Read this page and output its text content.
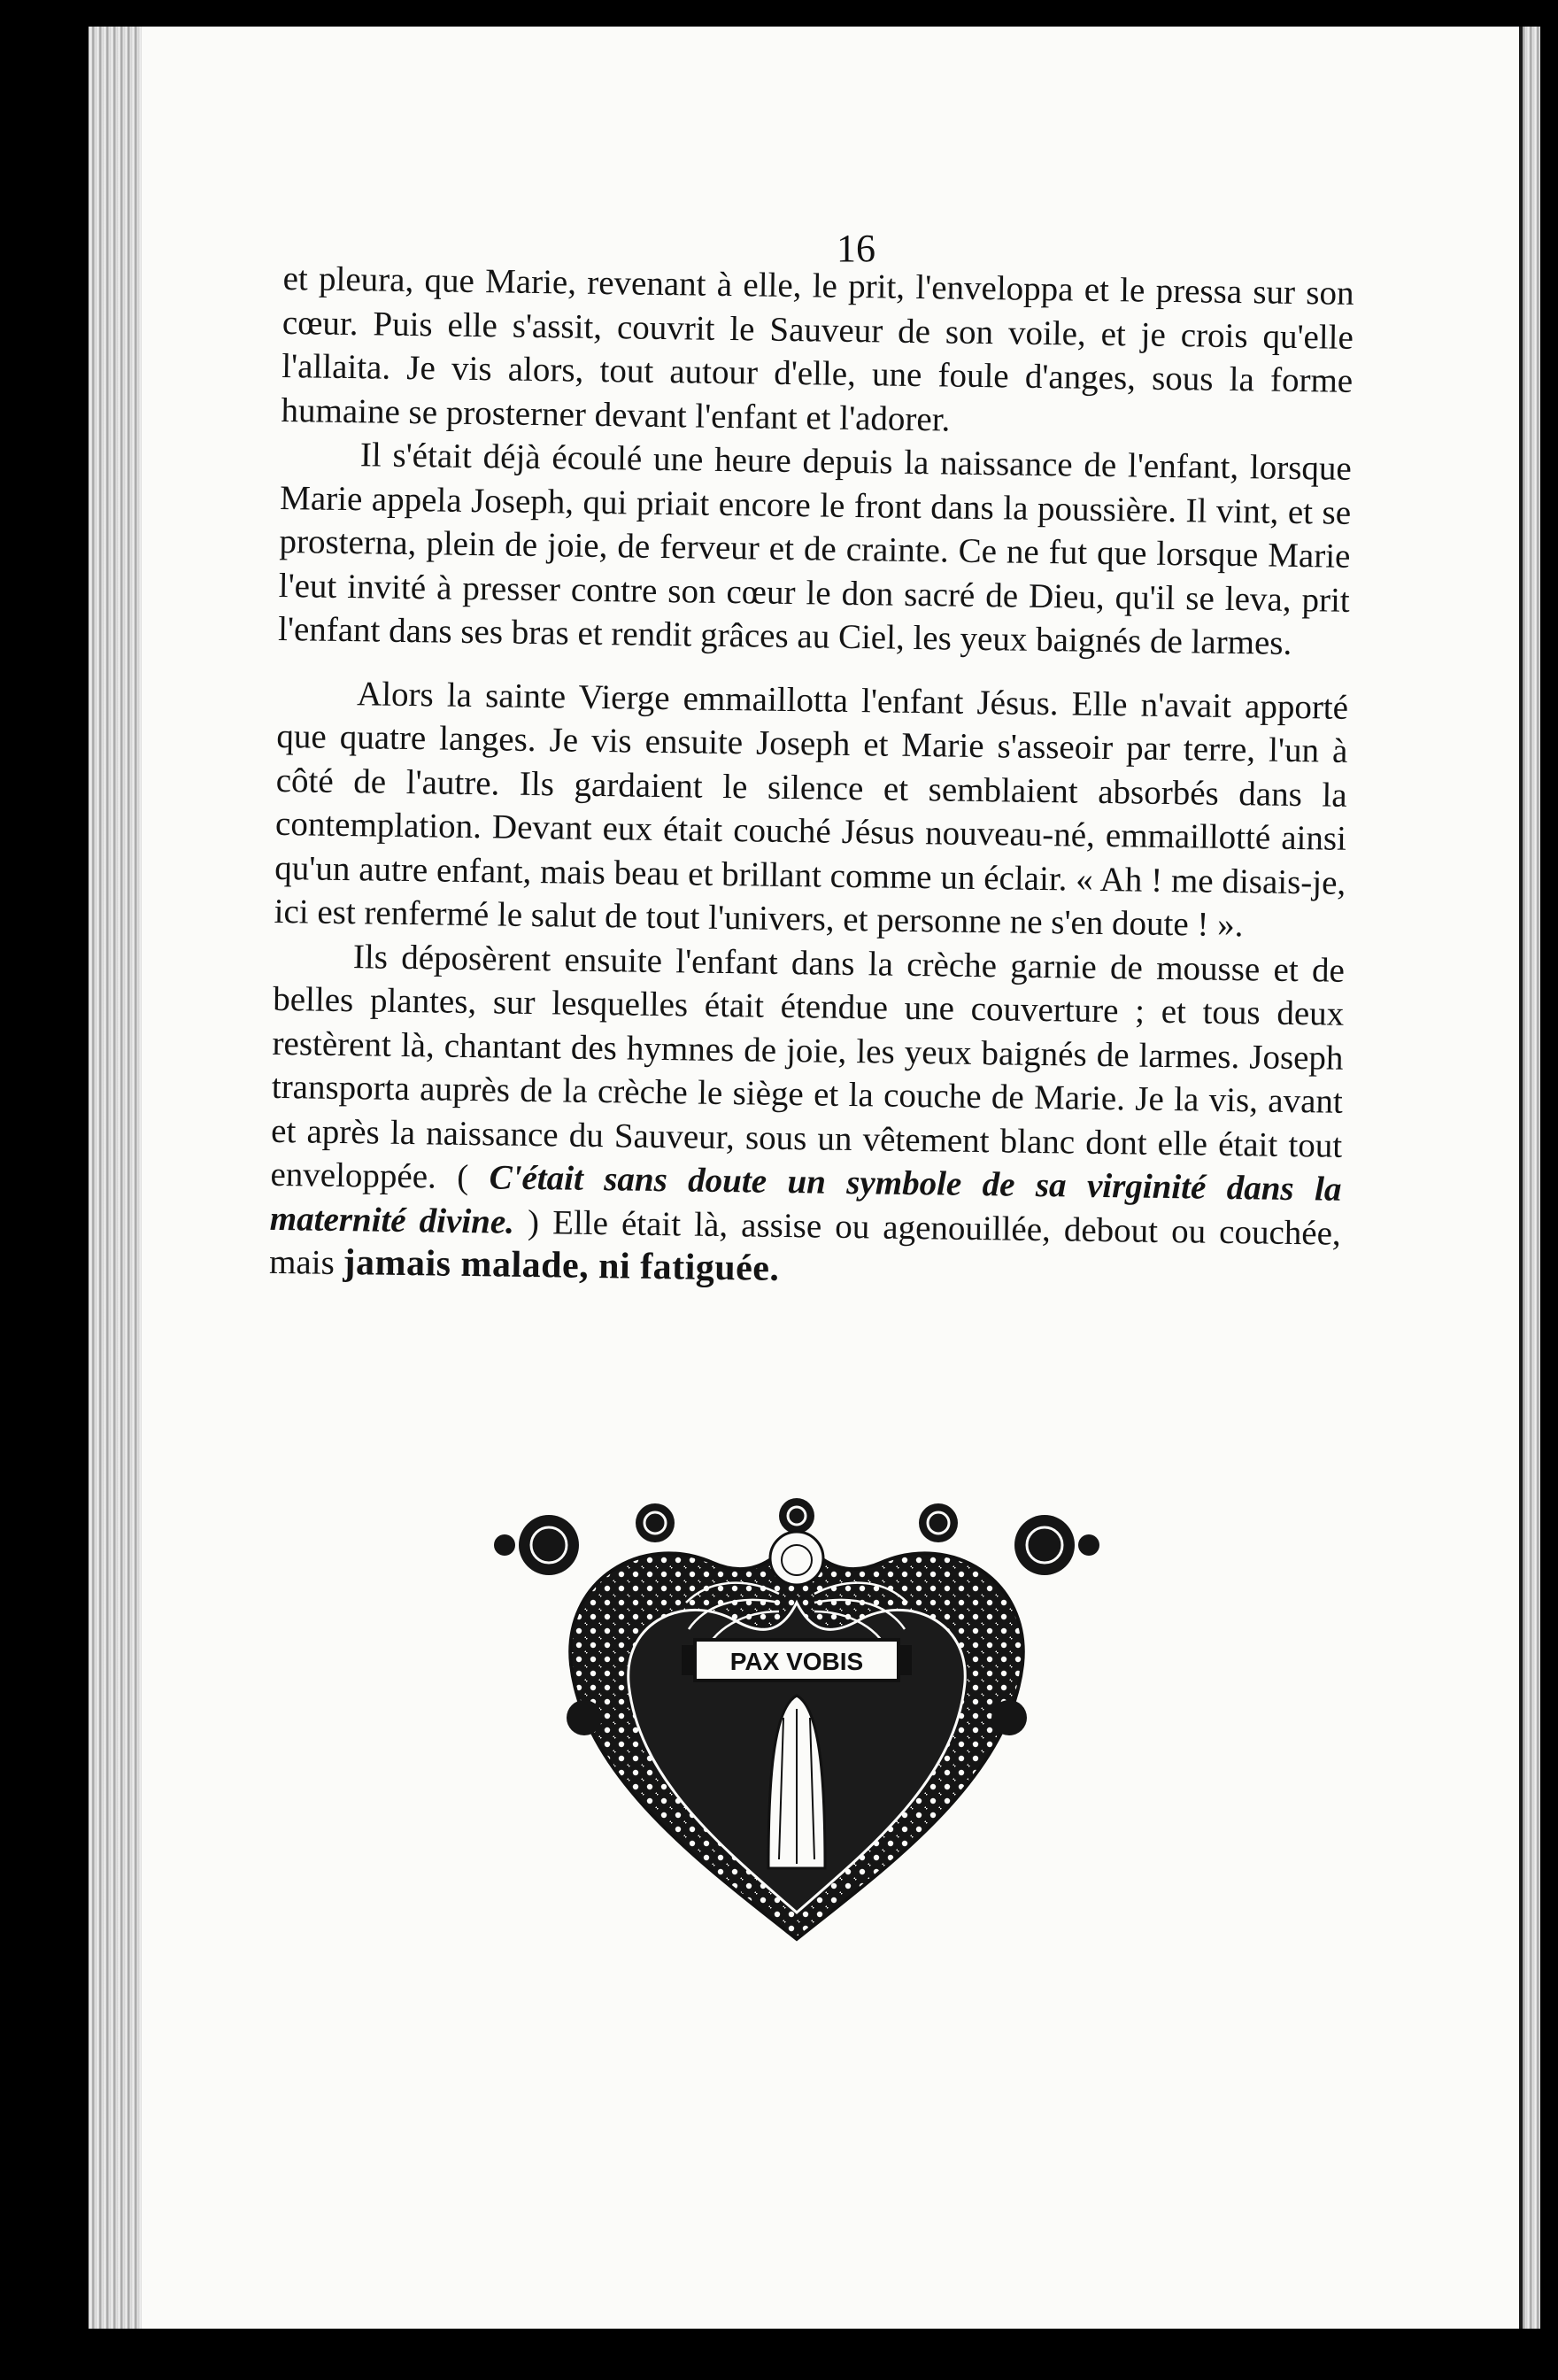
16

et pleura, que Marie, revenant à elle, le prit, l'enveloppa et le pressa sur son cœur. Puis elle s'assit, couvrit le Sauveur de son voile, et je crois qu'elle l'allaita. Je vis alors, tout autour d'elle, une foule d'anges, sous la forme humaine se prosterner devant l'enfant et l'adorer.

Il s'était déjà écoulé une heure depuis la naissance de l'enfant, lorsque Marie appela Joseph, qui priait encore le front dans la poussière. Il vint, et se prosterna, plein de joie, de ferveur et de crainte. Ce ne fut que lorsque Marie l'eut invité à presser contre son cœur le don sacré de Dieu, qu'il se leva, prit l'enfant dans ses bras et rendit grâces au Ciel, les yeux baignés de larmes.

Alors la sainte Vierge emmaillotta l'enfant Jésus. Elle n'avait apporté que quatre langes. Je vis ensuite Joseph et Marie s'asseoir par terre, l'un à côté de l'autre. Ils gardaient le silence et semblaient absorbés dans la contemplation. Devant eux était couché Jésus nouveau-né, emmaillotté ainsi qu'un autre enfant, mais beau et brillant comme un éclair. « Ah ! me disais-je, ici est renfermé le salut de tout l'univers, et personne ne s'en doute ! ».

Ils déposèrent ensuite l'enfant dans la crèche garnie de mousse et de belles plantes, sur lesquelles était étendue une couverture ; et tous deux restèrent là, chantant des hymnes de joie, les yeux baignés de larmes. Joseph transporta auprès de la crèche le siège et la couche de Marie. Je la vis, avant et après la naissance du Sauveur, sous un vêtement blanc dont elle était tout enveloppée. ( C'était sans doute un symbole de sa virginité dans la maternité divine. ) Elle était là, assise ou agenouillée, debout ou couchée, mais jamais malade, ni fatiguée.

PAX VOBIS
